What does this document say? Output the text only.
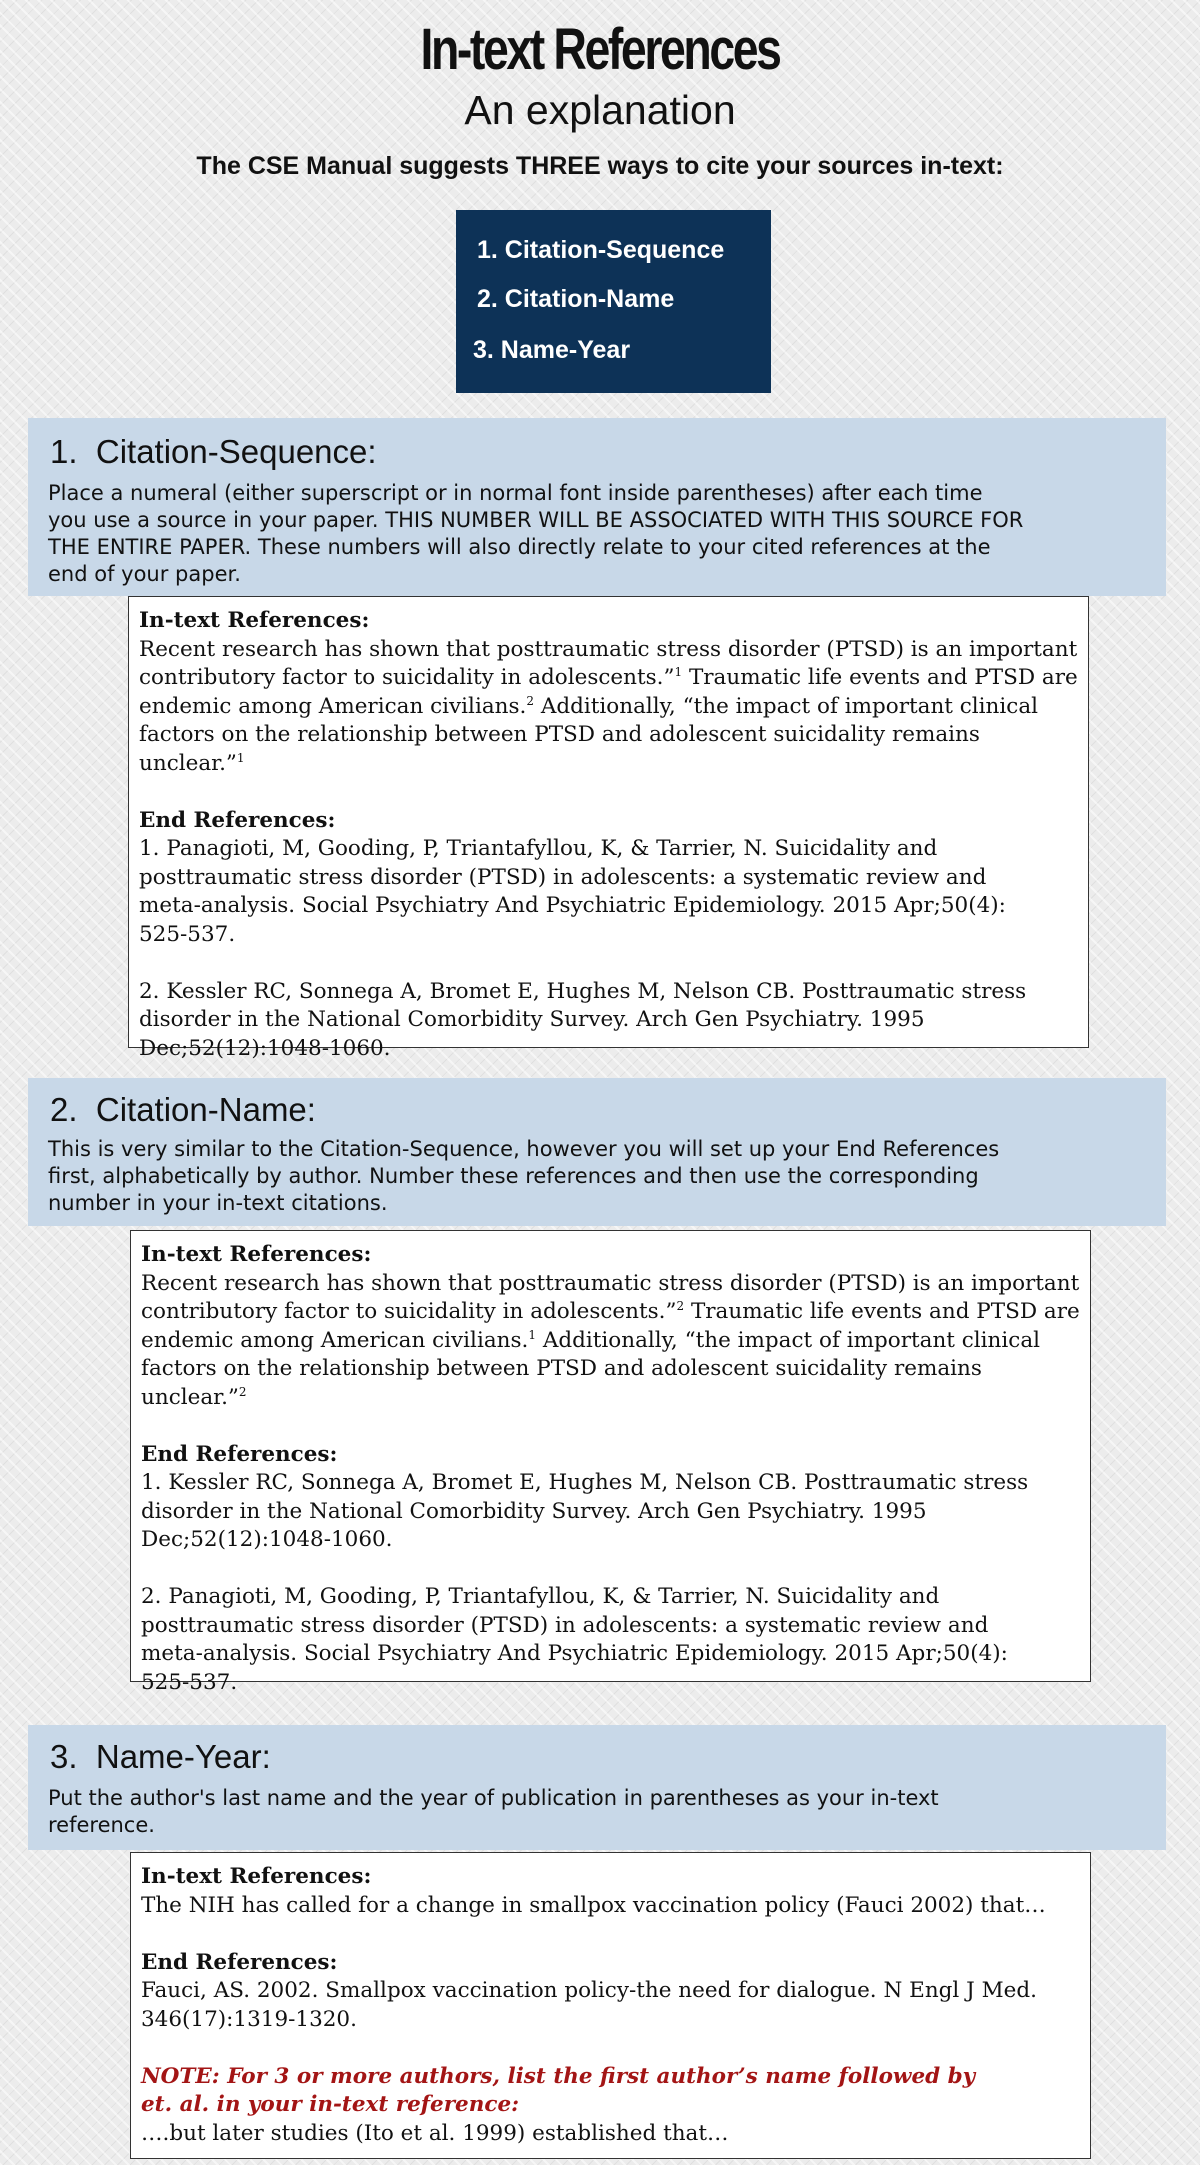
In-text References
An explanation
The CSE Manual suggests THREE ways to cite your sources in-text:
1. Citation-Sequence
2. Citation-Name
3. Name-Year
1. Citation-Sequence:
Place a numeral (either superscript or in normal font inside parentheses) after each time
you use a source in your paper. THIS NUMBER WILL BE ASSOCIATED WITH THIS SOURCE FOR
THE ENTIRE PAPER. These numbers will also directly relate to your cited references at the
end of your paper.

In-text References:

Recent research has shown that posttraumatic stress disorder (PTSD) is an important

contributory factor to suicidality in adolescents.”$^1$ Traumatic life events and PTSD are

endemic among American civilians.$^2$ Additionally, “the impact of important clinical

factors on the relationship between PTSD and adolescent suicidality remains unclear.”$^1$

End References:

1. Panagioti, M, Gooding, P, Triantafyllou, K, & Tarrier, N. Suicidality and

posttraumatic stress disorder (PTSD) in adolescents: a systematic review and

meta-analysis. Social Psychiatry And Psychiatric Epidemiology. 2015 Apr;50(4):

525-537.

2. Kessler RC, Sonnega A, Bromet E, Hughes M, Nelson CB. Posttraumatic stress

disorder in the National Comorbidity Survey. Arch Gen Psychiatry. 1995

Dec;52(12):1048-1060.

2. Citation-Name:
This is very similar to the Citation-Sequence, however you will set up your End References
first, alphabetically by author. Number these references and then use the corresponding
number in your in-text citations.

In-text References:

Recent research has shown that posttraumatic stress disorder (PTSD) is an important

contributory factor to suicidality in adolescents.”$^2$ Traumatic life events and PTSD are

endemic among American civilians.$^1$ Additionally, “the impact of important clinical

factors on the relationship between PTSD and adolescent suicidality remains unclear.”$^2$

End References:

1. Kessler RC, Sonnega A, Bromet E, Hughes M, Nelson CB. Posttraumatic stress

disorder in the National Comorbidity Survey. Arch Gen Psychiatry. 1995

Dec;52(12):1048-1060.

2. Panagioti, M, Gooding, P, Triantafyllou, K, & Tarrier, N. Suicidality and

posttraumatic stress disorder (PTSD) in adolescents: a systematic review and

meta-analysis. Social Psychiatry And Psychiatric Epidemiology. 2015 Apr;50(4):

525-537.

3. Name-Year:
Put the author's last name and the year of publication in parentheses as your in-text
reference.

In-text References:

The NIH has called for a change in smallpox vaccination policy (Fauci 2002) that…

End References:

Fauci, AS. 2002. Smallpox vaccination policy-the need for dialogue. N Engl J Med.

346(17):1319-1320.

NOTE: For 3 or more authors, list the first author’s name followed by

et. al. in your in-text reference:

….but later studies (Ito et al. 1999) established that…
